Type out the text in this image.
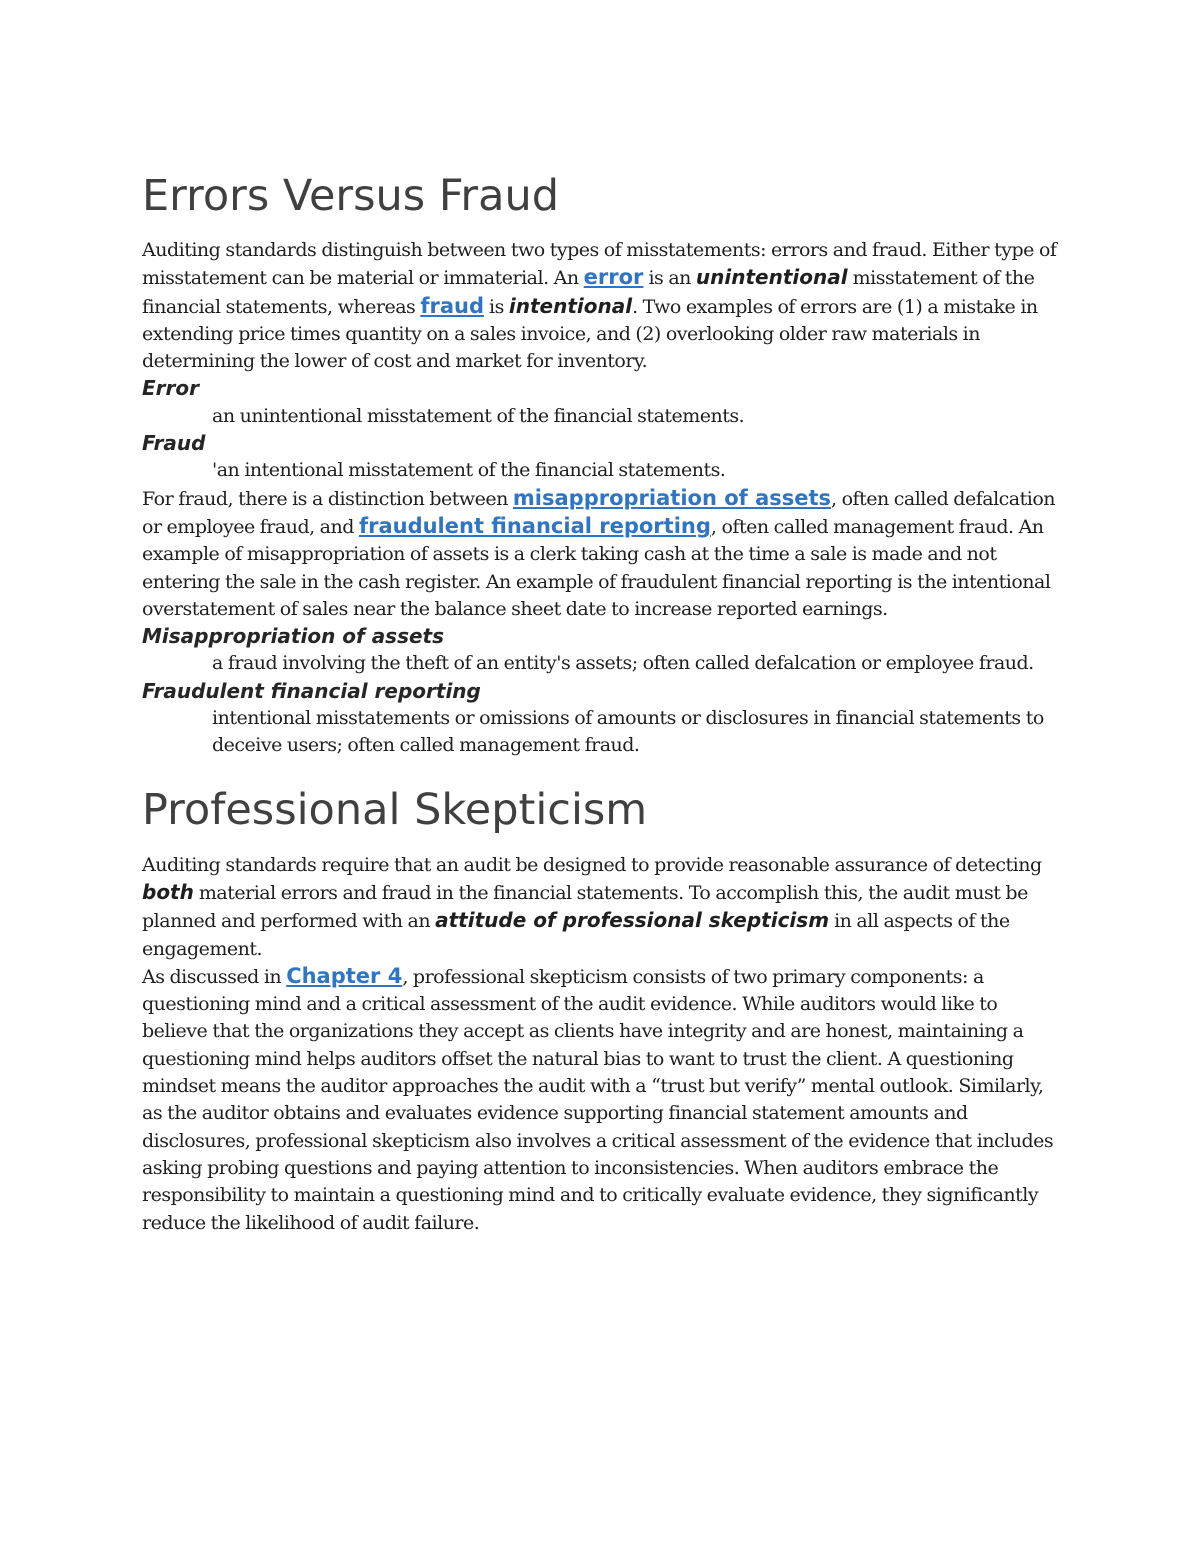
Errors Versus Fraud

Auditing standards distinguish between two types of misstatements: errors and fraud. Either type of misstatement can be material or immaterial. An error is an unintentional misstatement of the financial statements, whereas fraud is intentional. Two examples of errors are (1) a mistake in extending price times quantity on a sales invoice, and (2) overlooking older raw materials in determining the lower of cost and market for inventory.

Error

an unintentional misstatement of the financial statements.

Fraud

'an intentional misstatement of the financial statements.

For fraud, there is a distinction between misappropriation of assets, often called defalcation or employee fraud, and fraudulent financial reporting, often called management fraud. An example of misappropriation of assets is a clerk taking cash at the time a sale is made and not entering the sale in the cash register. An example of fraudulent financial reporting is the intentional overstatement of sales near the balance sheet date to increase reported earnings.

Misappropriation of assets

a fraud involving the theft of an entity's assets; often called defalcation or employee fraud.

Fraudulent financial reporting

intentional misstatements or omissions of amounts or disclosures in financial statements to deceive users; often called management fraud.

Professional Skepticism

Auditing standards require that an audit be designed to provide reasonable assurance of detecting both material errors and fraud in the financial statements. To accomplish this, the audit must be planned and performed with an attitude of professional skepticism in all aspects of the engagement.

As discussed in Chapter 4, professional skepticism consists of two primary components: a questioning mind and a critical assessment of the audit evidence. While auditors would like to believe that the organizations they accept as clients have integrity and are honest, maintaining a questioning mind helps auditors offset the natural bias to want to trust the client. A questioning mindset means the auditor approaches the audit with a “trust but verify” mental outlook. Similarly, as the auditor obtains and evaluates evidence supporting financial statement amounts and disclosures, professional skepticism also involves a critical assessment of the evidence that includes asking probing questions and paying attention to inconsistencies. When auditors embrace the responsibility to maintain a questioning mind and to critically evaluate evidence, they significantly reduce the likelihood of audit failure.
